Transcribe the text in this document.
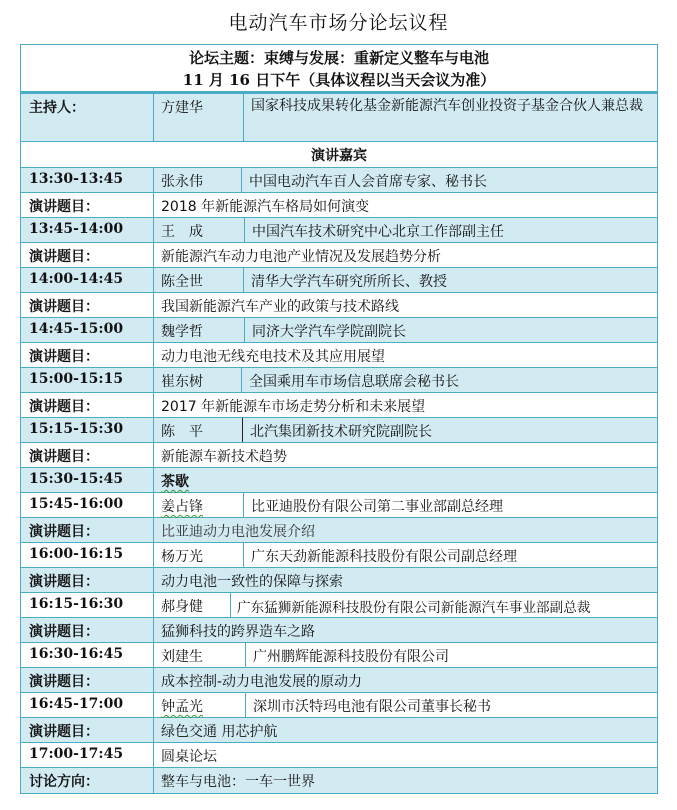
电动汽车市场分论坛议程
论坛主题：束缚与发展：重新定义整车与电池
11 月 16 日下午（具体议程以当天会议为准）
主持人：	方建华	国家科技成果转化基金新能源汽车创业投资子基金合伙人兼总裁
演讲嘉宾
13:30-13:45	张永伟	中国电动汽车百人会首席专家、秘书长
演讲题目：	2018 年新能源汽车格局如何演变
13:45-14:00	王　成	中国汽车技术研究中心北京工作部副主任
演讲题目：	新能源汽车动力电池产业情况及发展趋势分析
14:00-14:45	陈全世	清华大学汽车研究所所长、教授
演讲题目：	我国新能源汽车产业的政策与技术路线
14:45-15:00	魏学哲	同济大学汽车学院副院长
演讲题目：	动力电池无线充电技术及其应用展望
15:00-15:15	崔东树	全国乘用车市场信息联席会秘书长
演讲题目：	2017 年新能源车市场走势分析和未来展望
15:15-15:30	陈　平	北汽集团新技术研究院副院长
演讲题目：	新能源车新技术趋势
15:30-15:45	茶歇
15:45-16:00	姜占锋	比亚迪股份有限公司第二事业部副总经理
演讲题目：	比亚迪动力电池发展介绍
16:00-16:15	杨万光	广东天劲新能源科技股份有限公司副总经理
演讲题目：	动力电池一致性的保障与探索
16:15-16:30	郝身健	广东猛狮新能源科技股份有限公司新能源汽车事业部副总裁
演讲题目：	猛狮科技的跨界造车之路
16:30-16:45	刘建生	广州鹏辉能源科技股份有限公司
演讲题目：	成本控制-动力电池发展的原动力
16:45-17:00	钟孟光	深圳市沃特玛电池有限公司董事长秘书
演讲题目：	绿色交通 用芯护航
17:00-17:45	圆桌论坛
讨论方向：	整车与电池：一车一世界
